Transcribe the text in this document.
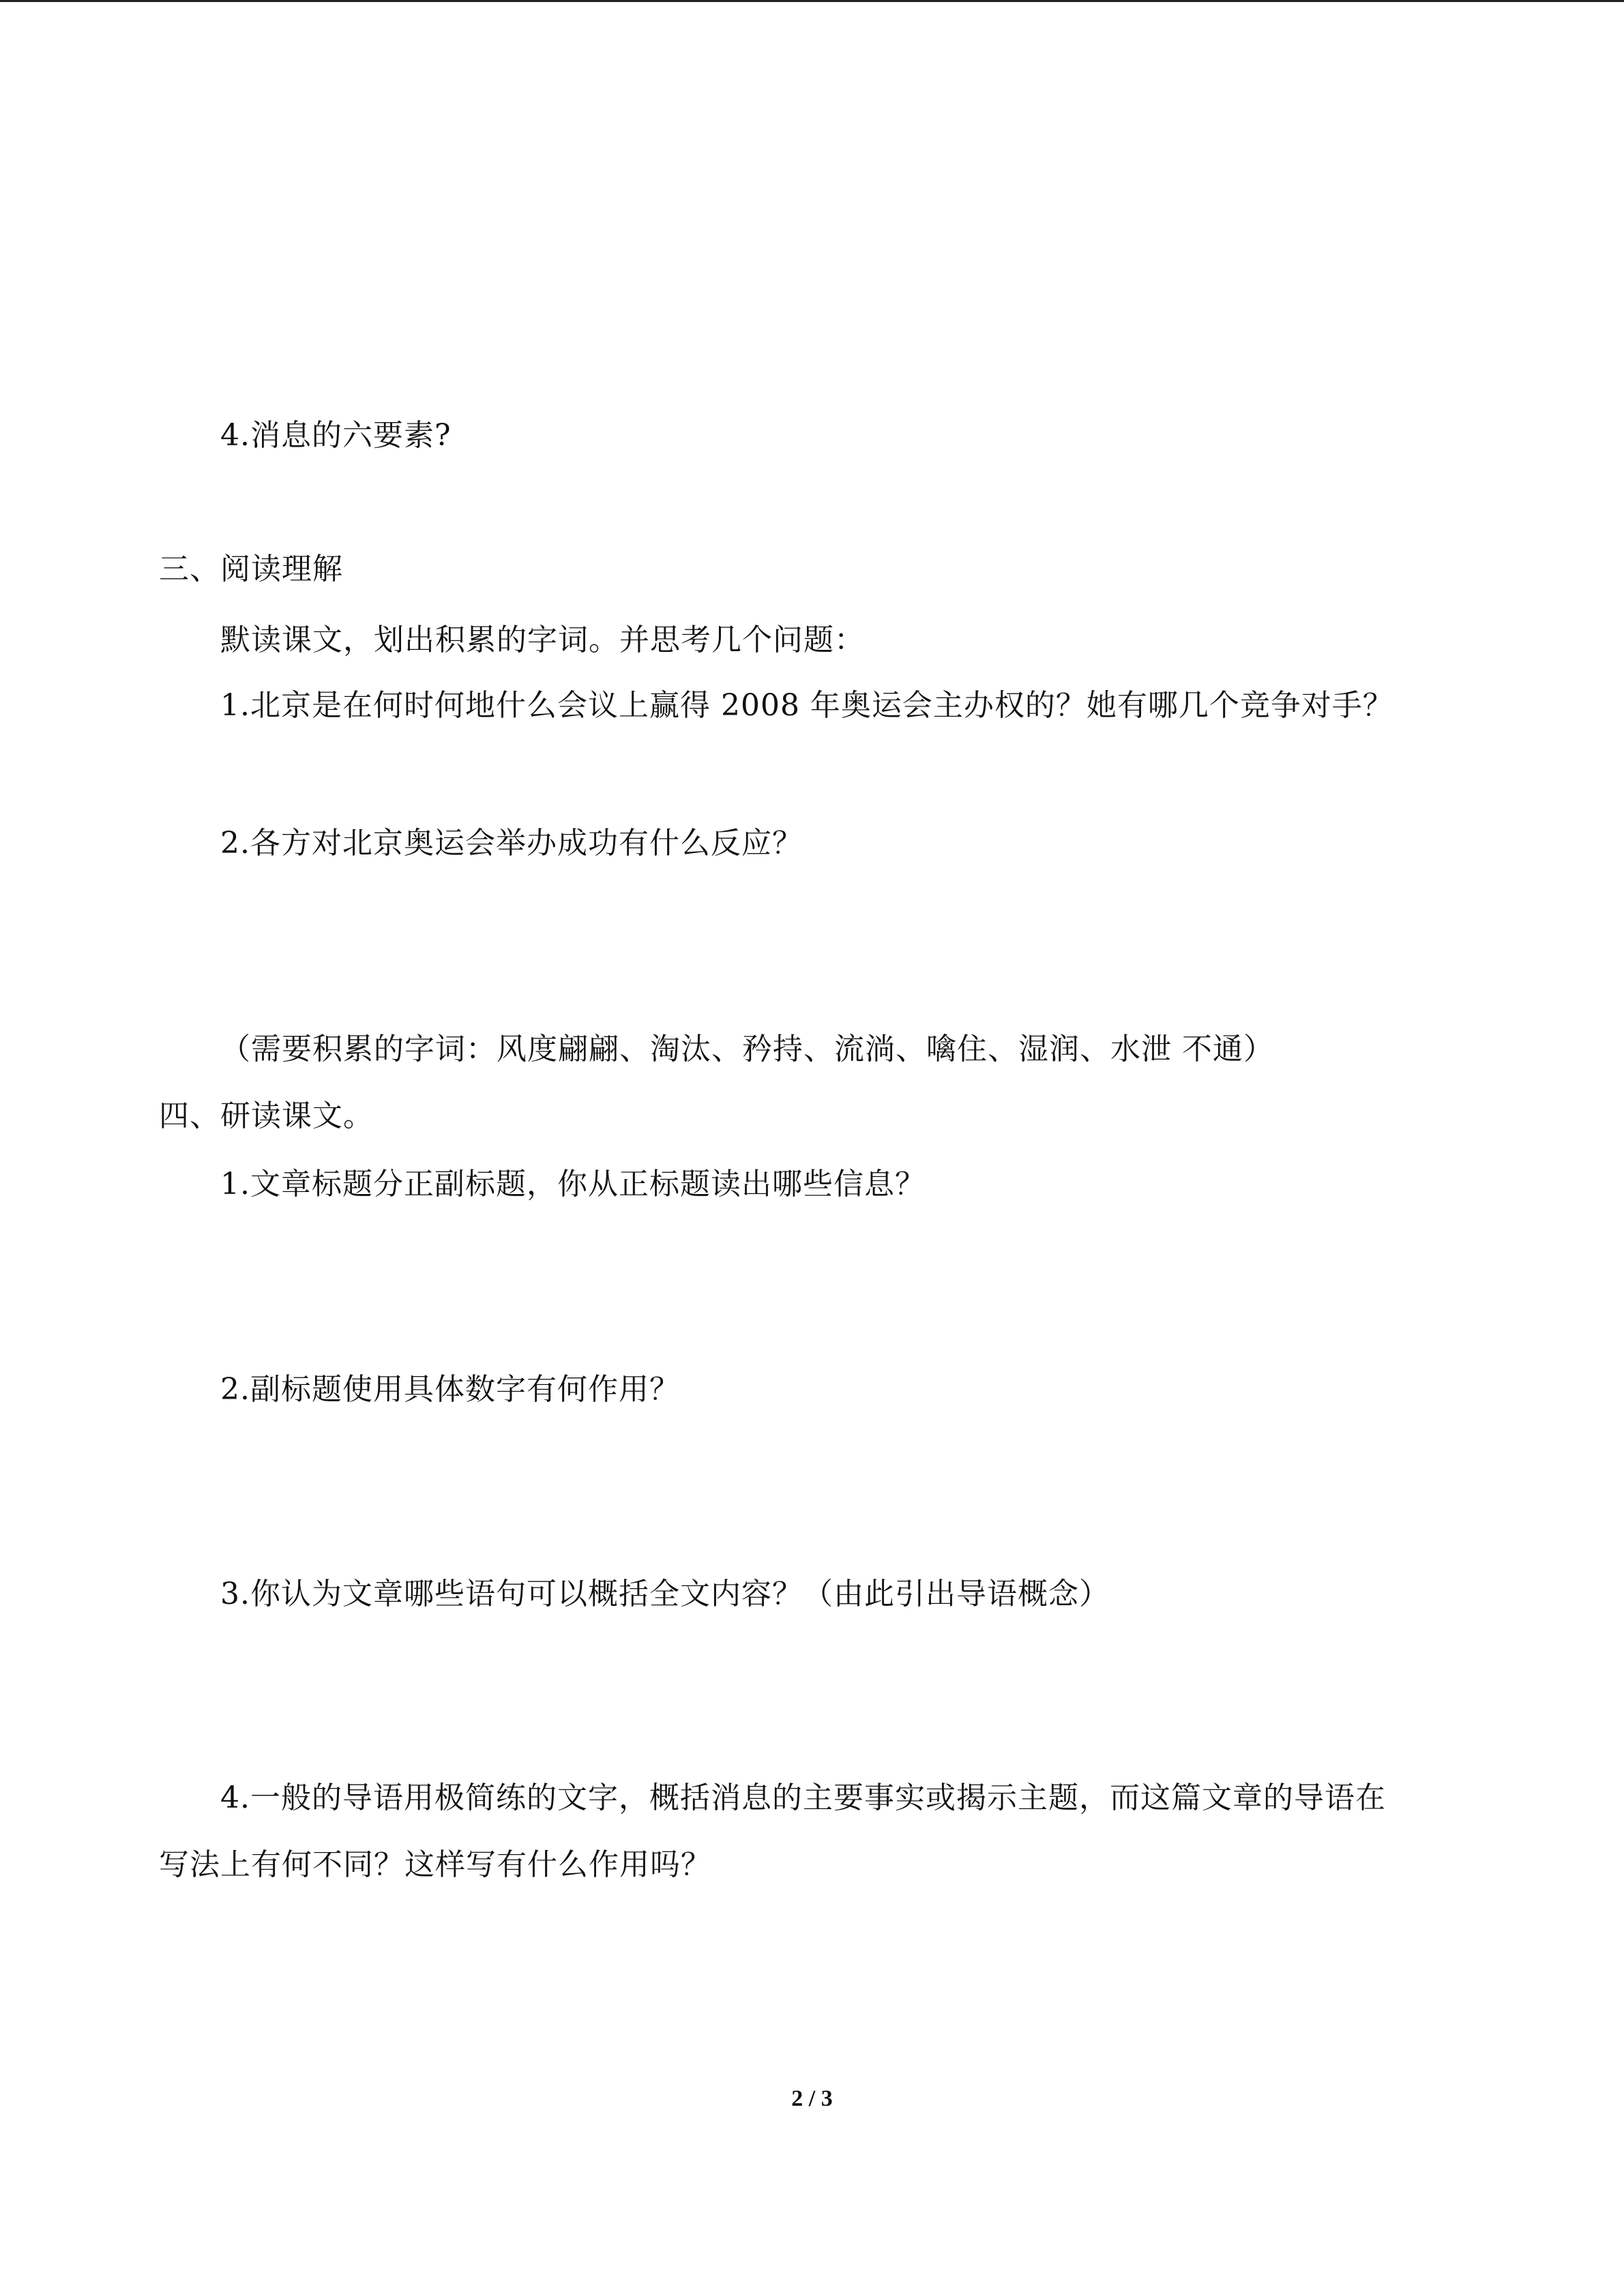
4.消息的六要素?
三、阅读理解
默读课文，划出积累的字词。并思考几个问题：
1.北京是在何时何地什么会议上赢得 2008 年奥运会主办权的？她有哪几个竞争对手？
2.各方对北京奥运会举办成功有什么反应？
（需要积累的字词：风度翩翩、淘汰、矜持、流淌、噙住、湿润、水泄 不通）
四、研读课文。
1.文章标题分正副标题，你从正标题读出哪些信息？
2.副标题使用具体数字有何作用？
3.你认为文章哪些语句可以概括全文内容？（由此引出导语概念）
4.一般的导语用极简练的文字，概括消息的主要事实或揭示主题，而这篇文章的导语在
写法上有何不同？这样写有什么作用吗？
2 / 3
